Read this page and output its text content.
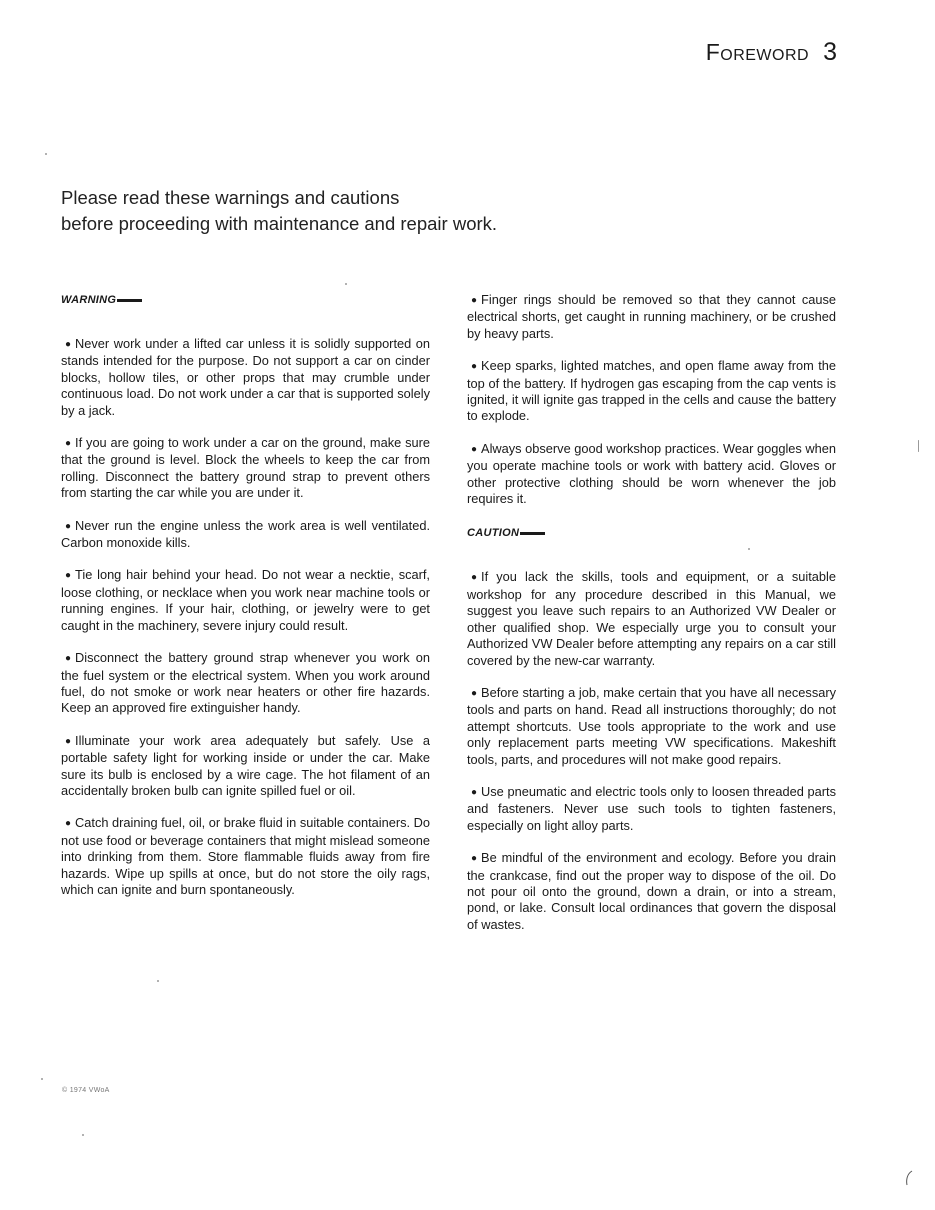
Foreword 3
Please read these warnings and cautions
before proceeding with maintenance and repair work.
WARNING

● Never work under a lifted car unless it is solidly supported on stands intended for the purpose. Do not support a car on cinder blocks, hollow tiles, or other props that may crumble under continuous load. Do not work under a car that is supported solely by a jack.

● If you are going to work under a car on the ground, make sure that the ground is level. Block the wheels to keep the car from rolling. Disconnect the battery ground strap to prevent others from starting the car while you are under it.

● Never run the engine unless the work area is well ventilated. Carbon monoxide kills.

● Tie long hair behind your head. Do not wear a necktie, scarf, loose clothing, or necklace when you work near machine tools or running engines. If your hair, clothing, or jewelry were to get caught in the machinery, severe injury could result.

● Disconnect the battery ground strap whenever you work on the fuel system or the electrical system. When you work around fuel, do not smoke or work near heaters or other fire hazards. Keep an approved fire extinguisher handy.

● Illuminate your work area adequately but safely. Use a portable safety light for working inside or under the car. Make sure its bulb is enclosed by a wire cage. The hot filament of an accidentally broken bulb can ignite spilled fuel or oil.

● Catch draining fuel, oil, or brake fluid in suitable containers. Do not use food or beverage containers that might mislead someone into drinking from them. Store flammable fluids away from fire hazards. Wipe up spills at once, but do not store the oily rags, which can ignite and burn spontaneously.

● Finger rings should be removed so that they cannot cause electrical shorts, get caught in running machinery, or be crushed by heavy parts.

● Keep sparks, lighted matches, and open flame away from the top of the battery. If hydrogen gas escaping from the cap vents is ignited, it will ignite gas trapped in the cells and cause the battery to explode.

● Always observe good workshop practices. Wear goggles when you operate machine tools or work with battery acid. Gloves or other protective clothing should be worn whenever the job requires it.

CAUTION

● If you lack the skills, tools and equipment, or a suitable workshop for any procedure described in this Manual, we suggest you leave such repairs to an Authorized VW Dealer or other qualified shop. We especially urge you to consult your Authorized VW Dealer before attempting any repairs on a car still covered by the new-car warranty.

● Before starting a job, make certain that you have all necessary tools and parts on hand. Read all instructions thoroughly; do not attempt shortcuts. Use tools appropriate to the work and use only replacement parts meeting VW specifications. Makeshift tools, parts, and procedures will not make good repairs.

● Use pneumatic and electric tools only to loosen threaded parts and fasteners. Never use such tools to tighten fasteners, especially on light alloy parts.

● Be mindful of the environment and ecology. Before you drain the crankcase, find out the proper way to dispose of the oil. Do not pour oil onto the ground, down a drain, or into a stream, pond, or lake. Consult local ordinances that govern the disposal of wastes.

© 1974 VWoA
